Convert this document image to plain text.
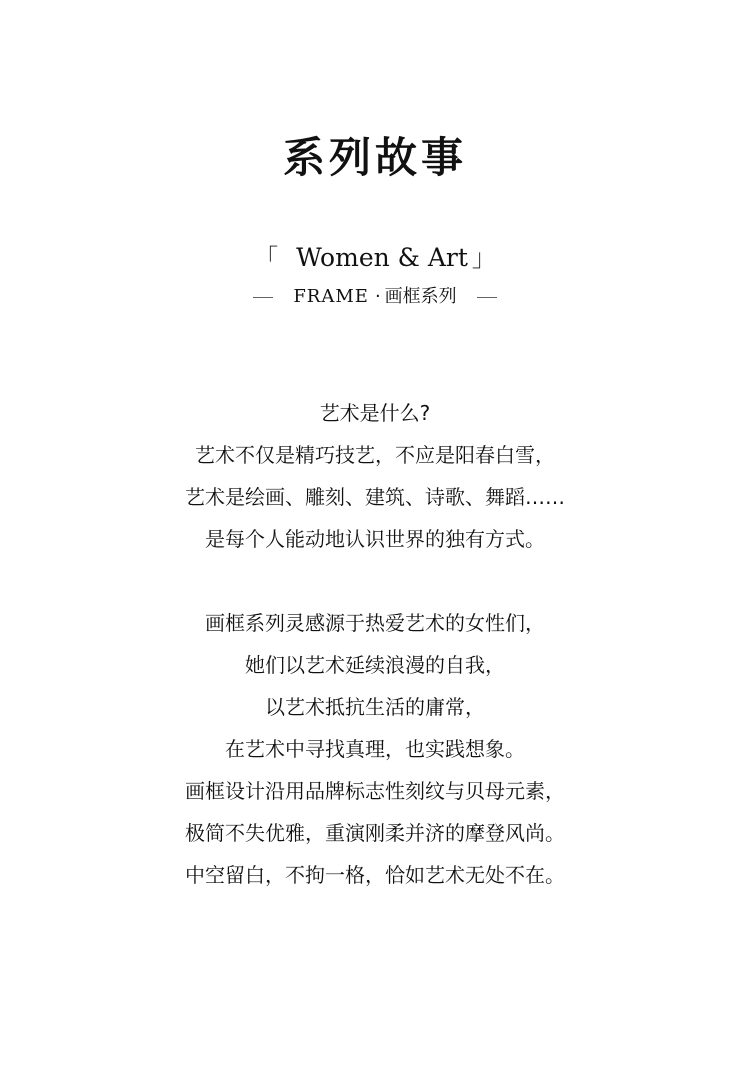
系列故事
「 Women & Art 」
FRAME · 画框系列
艺术是什么?
艺术不仅是精巧技艺，不应是阳春白雪，
艺术是绘画、雕刻、建筑、诗歌、舞蹈……
是每个人能动地认识世界的独有方式。
画框系列灵感源于热爱艺术的女性们，
她们以艺术延续浪漫的自我，
以艺术抵抗生活的庸常，
在艺术中寻找真理，也实践想象。
画框设计沿用品牌标志性刻纹与贝母元素，
极简不失优雅，重演刚柔并济的摩登风尚。
中空留白，不拘一格，恰如艺术无处不在。
